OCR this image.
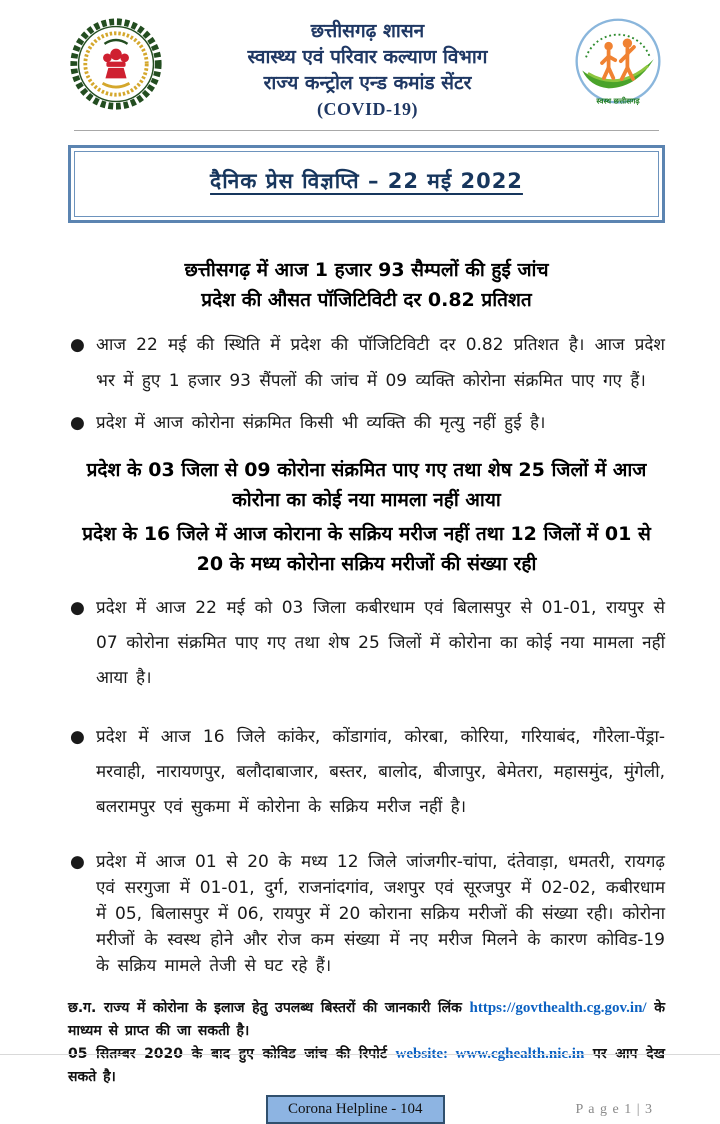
छत्तीसगढ़ शासन
स्वास्थ्य एवं परिवार कल्याण विभाग
राज्य कन्ट्रोल एन्ड कमांड सेंटर
(COVID-19)	स्वस्थ छत्तीसगढ़
दैनिक प्रेस विज्ञप्ति – 22 मई 2022
छत्तीसगढ़ में आज 1 हजार 93 सैम्पलों की हुई जांच
प्रदेश की औसत पॉजिटिविटी दर 0.82 प्रतिशत
● आज 22 मई की स्थिति में प्रदेश की पॉजिटिविटी दर 0.82 प्रतिशत है। आज प्रदेश भर में हुए 1 हजार 93 सैंपलों की जांच में 09 व्यक्ति कोरोना संक्रमित पाए गए हैं।
● प्रदेश में आज कोरोना संक्रमित किसी भी व्यक्ति की मृत्यु नहीं हुई है।
प्रदेश के 03 जिला से 09 कोरोना संक्रमित पाए गए तथा शेष 25 जिलों में आज कोरोना का कोई नया मामला नहीं आया
प्रदेश के 16 जिले में आज कोराना के सक्रिय मरीज नहीं तथा 12 जिलों में 01 से 20 के मध्य कोरोना सक्रिय मरीजों की संख्या रही
● प्रदेश में आज 22 मई को 03 जिला कबीरधाम एवं बिलासपुर से 01-01, रायपुर से 07 कोरोना संक्रमित पाए गए तथा शेष 25 जिलों में कोरोना का कोई नया मामला नहीं आया है।
● प्रदेश में आज 16 जिले कांकेर, कोंडागांव, कोरबा, कोरिया, गरियाबंद, गौरेला-पेंड्रा-मरवाही, नारायणपुर, बलौदाबाजार, बस्तर, बालोद, बीजापुर, बेमेतरा, महासमुंद, मुंगेली, बलरामपुर एवं सुकमा में कोरोना के सक्रिय मरीज नहीं है।
● प्रदेश में आज 01 से 20 के मध्य 12 जिले जांजगीर-चांपा, दंतेवाड़ा, धमतरी, रायगढ़ एवं सरगुजा में 01-01, दुर्ग, राजनांदगांव, जशपुर एवं सूरजपुर में 02-02, कबीरधाम में 05, बिलासपुर में 06, रायपुर में 20 कोराना सक्रिय मरीजों की संख्या रही। कोरोना मरीजों के स्वस्थ होने और रोज कम संख्या में नए मरीज मिलने के कारण कोविड-19 के सक्रिय मामले तेजी से घट रहे हैं।

छ.ग. राज्य में कोरोना के इलाज हेतु उपलब्ध बिस्तरों की जानकारी लिंक https://govthealth.cg.gov.in/ के माध्यम से प्राप्त की जा सकती है।

05 सितम्बर 2020 के बाद हुए कोविड जांच की रिपोर्ट website: www.cghealth.nic.in पर आप देख सकते है।

Corona Helpline - 104	P a g e 1 | 3
